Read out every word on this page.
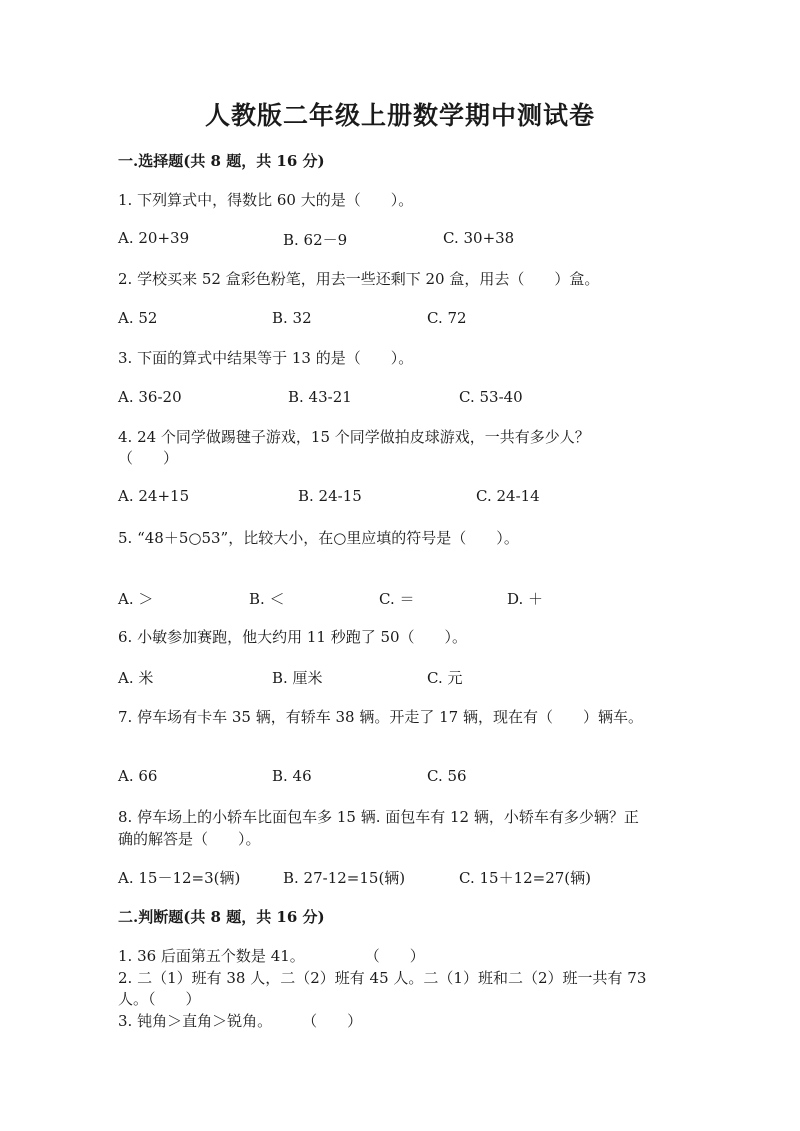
人教版二年级上册数学期中测试卷
一.选择题(共 8 题，共 16 分)
1. 下列算式中，得数比 60 大的是（　　）。
A. 20+39	B. 62－9	C. 30+38
2. 学校买来 52 盒彩色粉笔，用去一些还剩下 20 盒，用去（　　）盒。
A. 52	B. 32	C. 72
3. 下面的算式中结果等于 13 的是（　　）。
A. 36-20	B. 43-21	C. 53-40
4. 24 个同学做踢毽子游戏，15 个同学做拍皮球游戏，一共有多少人？
（　　）
A. 24+15	B. 24-15	C. 24-14
5. “48＋5○53”，比较大小，在○里应填的符号是（　　）。
A. ＞	B. ＜	C. ＝	D. ＋
6. 小敏参加赛跑，他大约用 11 秒跑了 50（　　）。
A. 米	B. 厘米	C. 元
7. 停车场有卡车 35 辆，有轿车 38 辆。开走了 17 辆，现在有（　　）辆车。
A. 66	B. 46	C. 56
8. 停车场上的小轿车比面包车多 15 辆. 面包车有 12 辆，小轿车有多少辆？正
确的解答是（　　）。
A. 15－12=3(辆)	B. 27-12=15(辆)	C. 15＋12=27(辆)
二.判断题(共 8 题，共 16 分)
1. 36 后面第五个数是 41。　　　　　（　　）
2. 二（1）班有 38 人，二（2）班有 45 人。二（1）班和二（2）班一共有 73
人。（　　）
3. 钝角＞直角＞锐角。　　　（　　）
